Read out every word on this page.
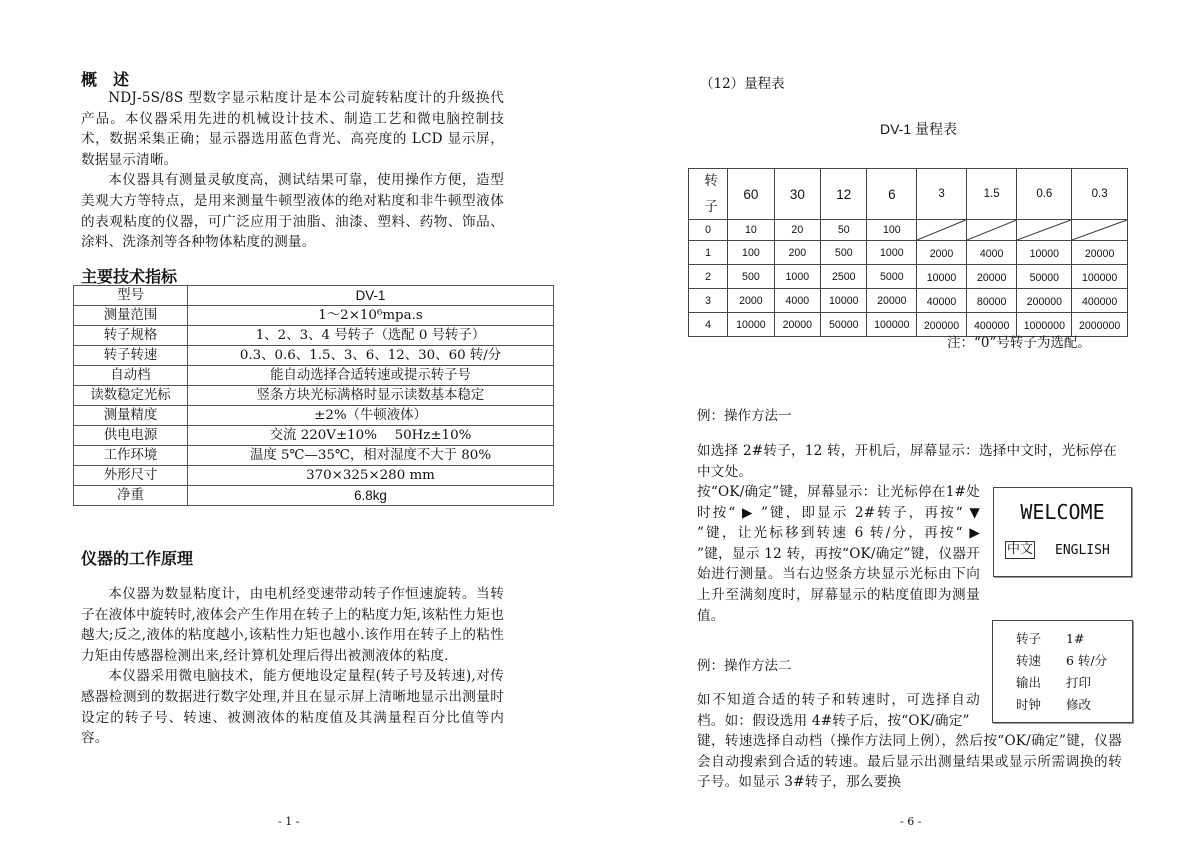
概　述

NDJ-5S/8S 型数字显示粘度计是本公司旋转粘度计的升级换代产品。本仪器采用先进的机械设计技术、制造工艺和微电脑控制技术，数据采集正确；显示器选用蓝色背光、高亮度的 LCD 显示屏，数据显示清晰。

本仪器具有测量灵敏度高，测试结果可靠，使用操作方便，造型美观大方等特点，是用来测量牛顿型液体的绝对粘度和非牛顿型液体的表观粘度的仪器，可广泛应用于油脂、油漆、塑料、药物、饰品、涂料、洗涤剂等各种物体粘度的测量。

主要技术指标
型号	DV-1
测量范围	1～2×10⁶mpa.s
转子规格	1、2、3、4 号转子（选配 0 号转子）
转子转速	0.3、0.6、1.5、3、6、12、30、60 转/分
自动档	能自动选择合适转速或提示转子号
读数稳定光标	竖条方块光标满格时显示读数基本稳定
测量精度	±2%（牛顿液体）
供电电源	交流 220V±10%　 50Hz±10%
工作环境	温度 5℃—35℃，相对湿度不大于 80%
外形尺寸	370×325×280 mm
净重	6.8kg
仪器的工作原理

本仪器为数显粘度计，由电机经变速带动转子作恒速旋转。当转子在液体中旋转时,液体会产生作用在转子上的粘度力矩,该粘性力矩也越大;反之,液体的粘度越小,该粘性力矩也越小.该作用在转子上的粘性力矩由传感器检测出来,经计算机处理后得出被测液体的粘度.

本仪器采用微电脑技术，能方便地设定量程(转子号及转速),对传感器检测到的数据进行数字处理,并且在显示屏上清晰地显示出测量时设定的转子号、转速、被测液体的粘度值及其满量程百分比值等内容。

- 1 -
（12）量程表
DV-1 量程表
转
子	60	30	12	6	3	1.5	0.6	0.3
0	10	20	50	100	

1	100	200	500	1000	2000	4000	10000	20000
2	500	1000	2500	5000	10000	20000	50000	100000
3	2000	4000	10000	20000	40000	80000	200000	400000
4	10000	20000	50000	100000	200000	400000	1000000	2000000
注：“0”号转子为选配。
例：操作方法一
如选择 2#转子，12 转，开机后，屏幕显示：选择中文时，光标停在中文处。
按“OK/确定”键，屏幕显示：让光标停在1#处时按“ ▶ ”键，即显示 2#转子，再按“ ▼ ”键，让光标移到转速 6 转/分，再按“ ▶ ”键，显示 12 转，再按“OK/确定”键，仪器开始进行测量。当右边竖条方块显示光标由下向上升至满刻度时，屏幕显示的粘度值即为测量值。
WELCOME
中文 ENGLISH
转子 1#
转速 6 转/分
输出 打印
时钟 修改
例：操作方法二
如不知道合适的转子和转速时，可选择自动档。如：假设选用 4#转子后，按“OK/确定”
键，转速选择自动档（操作方法同上例），然后按“OK/确定”键，仪器会自动搜索到合适的转速。最后显示出测量结果或显示所需调换的转子号。如显示 3#转子，那么要换
- 6 -
